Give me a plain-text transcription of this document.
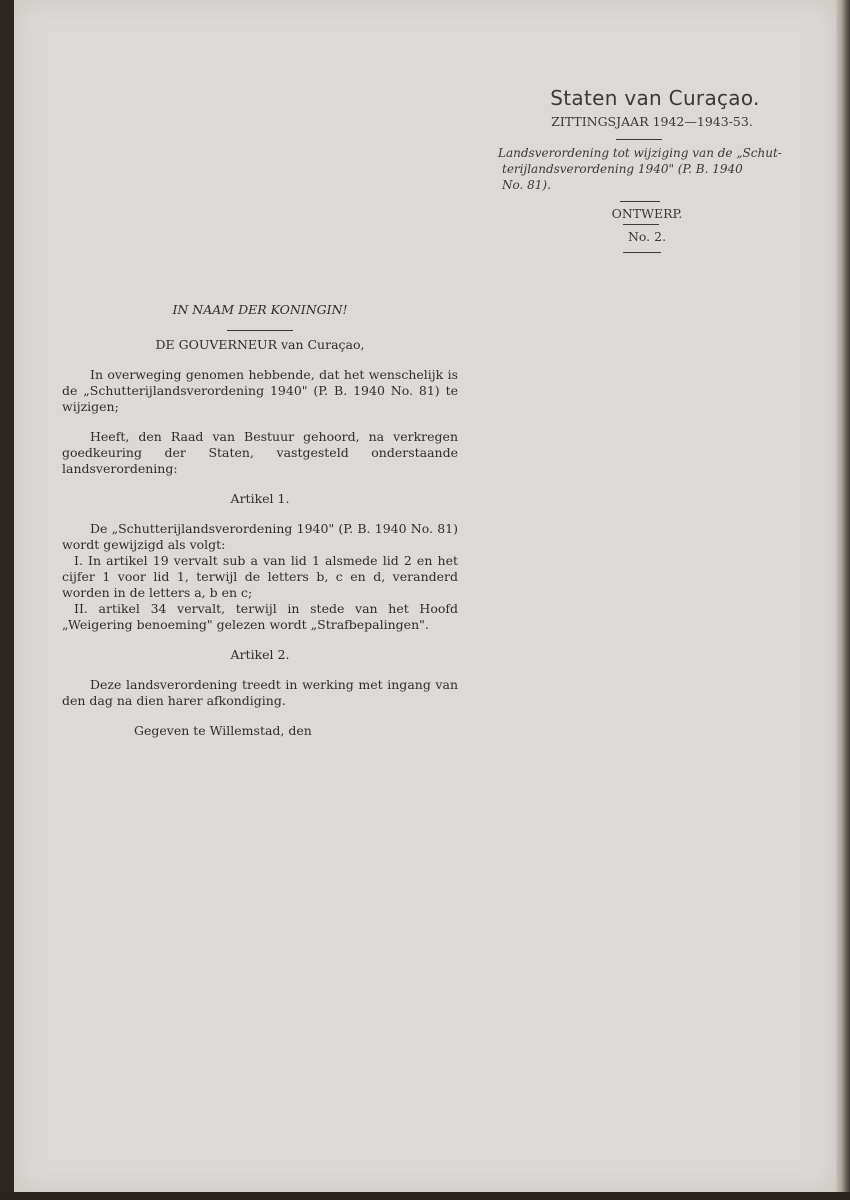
Staten van Curaçao.
ZITTINGSJAAR 1942—1943-53.
Landsverordening tot wijziging van de „Schut-
terijlandsverordening 1940" (P. B. 1940
No. 81).
ONTWERP.
No. 2.
IN NAAM DER KONINGIN!
DE GOUVERNEUR van Curaçao,
In overweging genomen hebbende, dat het wenschelijk is de „Schutterijlandsverordening 1940" (P. B. 1940 No. 81) te wijzigen;
Heeft, den Raad van Bestuur gehoord, na verkregen goedkeuring der Staten, vastgesteld onderstaande landsverordening:
Artikel 1.
De „Schutterijlandsverordening 1940" (P. B. 1940 No. 81) wordt gewijzigd als volgt:
I. In artikel 19 vervalt sub a van lid 1 alsmede lid 2 en het cijfer 1 voor lid 1, terwijl de letters b, c en d, veranderd worden in de letters a, b en c;
II. artikel 34 vervalt, terwijl in stede van het Hoofd „Weigering benoeming" gelezen wordt „Strafbepalingen".
Artikel 2.
Deze landsverordening treedt in werking met ingang van den dag na dien harer afkondiging.
Gegeven te Willemstad, den
